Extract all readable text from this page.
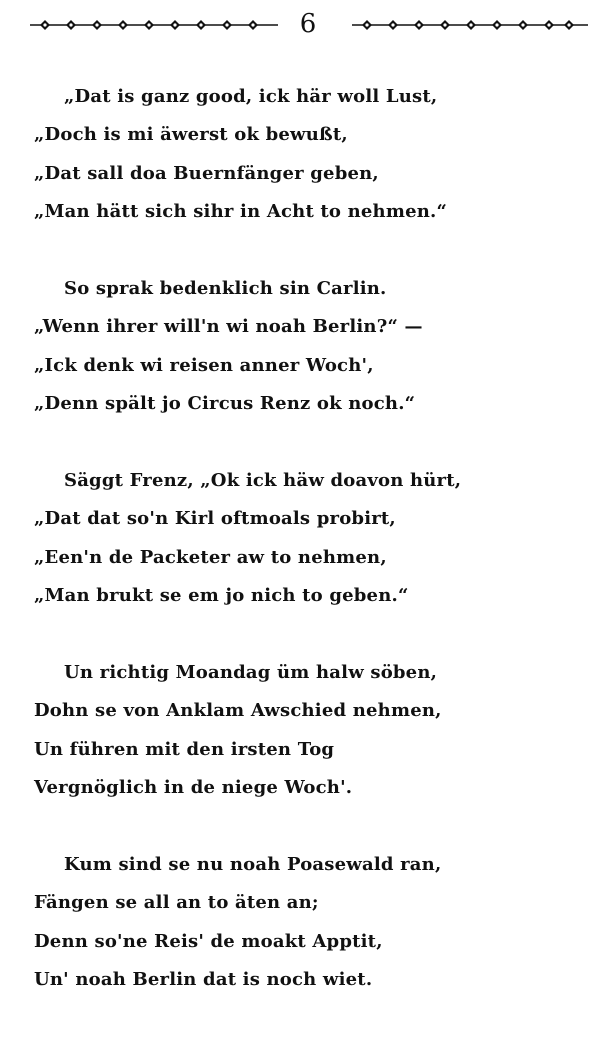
6
„Dat is ganz good, ick här woll Lust,
„Doch is mi äwerst ok bewußt,
„Dat sall doa Buernfänger geben,
„Man hätt sich sihr in Acht to nehmen.“
So sprak bedenklich sin Carlin.
„Wenn ihrer will'n wi noah Berlin?“ —
„Ick denk wi reisen anner Woch',
„Denn spält jo Circus Renz ok noch.“
Säggt Frenz, „Ok ick häw doavon hürt,
„Dat dat so'n Kirl oftmoals probirt,
„Een'n de Packeter aw to nehmen,
„Man brukt se em jo nich to geben.“
Un richtig Moandag üm halw söben,
Dohn se von Anklam Awschied nehmen,
Un führen mit den irsten Tog
Vergnöglich in de niege Woch'.
Kum sind se nu noah Poasewald ran,
Fängen se all an to äten an;
Denn so'ne Reis' de moakt Apptit,
Un' noah Berlin dat is noch wiet.
